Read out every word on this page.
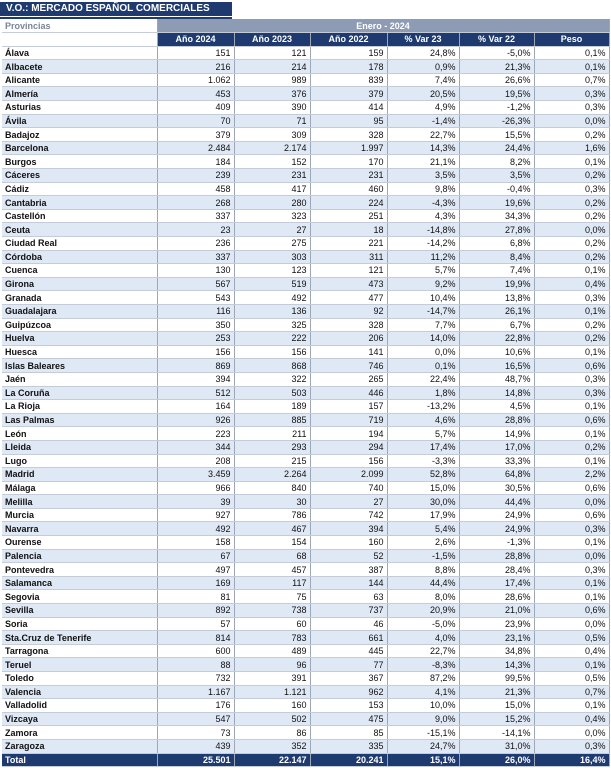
V.O.: MERCADO ESPAÑOL COMERCIALES
Provincias	Enero - 2024					
	Año 2024	Año 2023	Año 2022	% Var 23	% Var 22	Peso
Álava	151	121	159	24,8%	-5,0%	0,1%
Albacete	216	214	178	0,9%	21,3%	0,1%
Alicante	1.062	989	839	7,4%	26,6%	0,7%
Almería	453	376	379	20,5%	19,5%	0,3%
Asturias	409	390	414	4,9%	-1,2%	0,3%
Ávila	70	71	95	-1,4%	-26,3%	0,0%
Badajoz	379	309	328	22,7%	15,5%	0,2%
Barcelona	2.484	2.174	1.997	14,3%	24,4%	1,6%
Burgos	184	152	170	21,1%	8,2%	0,1%
Cáceres	239	231	231	3,5%	3,5%	0,2%
Cádiz	458	417	460	9,8%	-0,4%	0,3%
Cantabria	268	280	224	-4,3%	19,6%	0,2%
Castellón	337	323	251	4,3%	34,3%	0,2%
Ceuta	23	27	18	-14,8%	27,8%	0,0%
Ciudad Real	236	275	221	-14,2%	6,8%	0,2%
Córdoba	337	303	311	11,2%	8,4%	0,2%
Cuenca	130	123	121	5,7%	7,4%	0,1%
Girona	567	519	473	9,2%	19,9%	0,4%
Granada	543	492	477	10,4%	13,8%	0,3%
Guadalajara	116	136	92	-14,7%	26,1%	0,1%
Guipúzcoa	350	325	328	7,7%	6,7%	0,2%
Huelva	253	222	206	14,0%	22,8%	0,2%
Huesca	156	156	141	0,0%	10,6%	0,1%
Islas Baleares	869	868	746	0,1%	16,5%	0,6%
Jaén	394	322	265	22,4%	48,7%	0,3%
La Coruña	512	503	446	1,8%	14,8%	0,3%
La Rioja	164	189	157	-13,2%	4,5%	0,1%
Las Palmas	926	885	719	4,6%	28,8%	0,6%
León	223	211	194	5,7%	14,9%	0,1%
Lleida	344	293	294	17,4%	17,0%	0,2%
Lugo	208	215	156	-3,3%	33,3%	0,1%
Madrid	3.459	2.264	2.099	52,8%	64,8%	2,2%
Málaga	966	840	740	15,0%	30,5%	0,6%
Melilla	39	30	27	30,0%	44,4%	0,0%
Murcia	927	786	742	17,9%	24,9%	0,6%
Navarra	492	467	394	5,4%	24,9%	0,3%
Ourense	158	154	160	2,6%	-1,3%	0,1%
Palencia	67	68	52	-1,5%	28,8%	0,0%
Pontevedra	497	457	387	8,8%	28,4%	0,3%
Salamanca	169	117	144	44,4%	17,4%	0,1%
Segovia	81	75	63	8,0%	28,6%	0,1%
Sevilla	892	738	737	20,9%	21,0%	0,6%
Soria	57	60	46	-5,0%	23,9%	0,0%
Sta.Cruz de Tenerife	814	783	661	4,0%	23,1%	0,5%
Tarragona	600	489	445	22,7%	34,8%	0,4%
Teruel	88	96	77	-8,3%	14,3%	0,1%
Toledo	732	391	367	87,2%	99,5%	0,5%
Valencia	1.167	1.121	962	4,1%	21,3%	0,7%
Valladolid	176	160	153	10,0%	15,0%	0,1%
Vizcaya	547	502	475	9,0%	15,2%	0,4%
Zamora	73	86	85	-15,1%	-14,1%	0,0%
Zaragoza	439	352	335	24,7%	31,0%	0,3%
Total	25.501	22.147	20.241	15,1%	26,0%	16,4%
